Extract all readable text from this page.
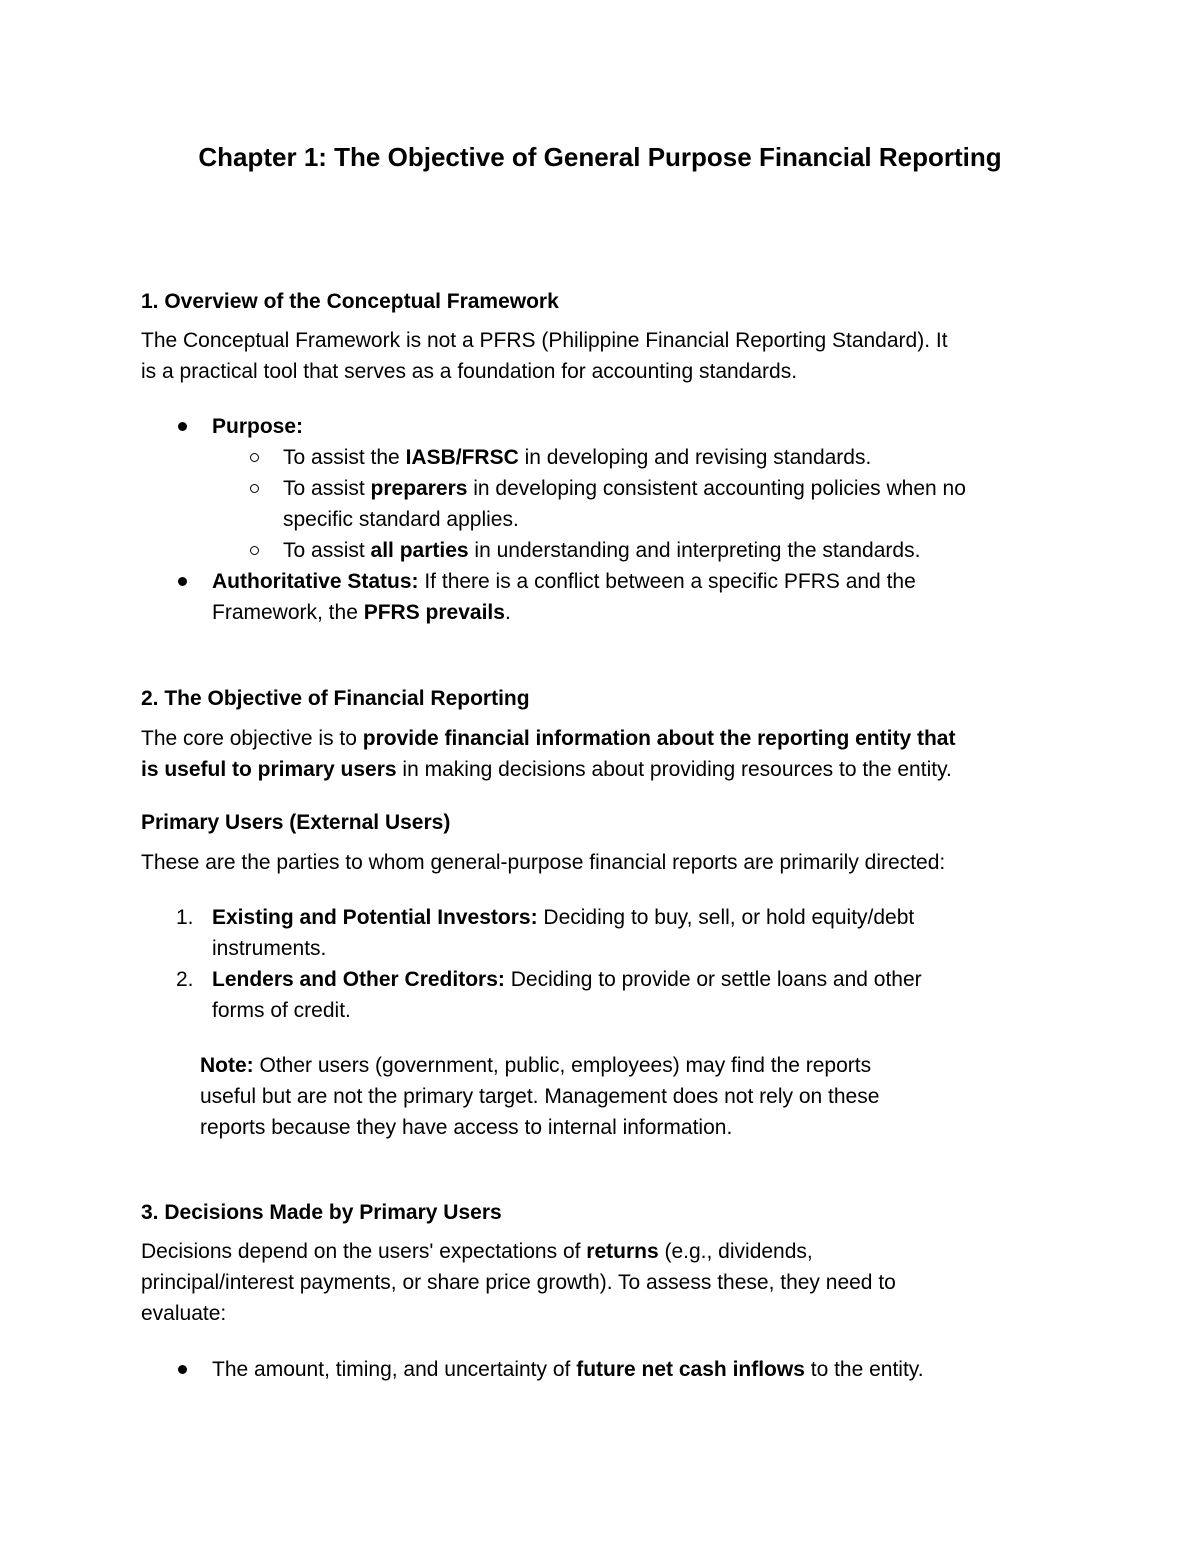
Chapter 1: The Objective of General Purpose Financial Reporting

1. Overview of the Conceptual Framework

The Conceptual Framework is not a PFRS (Philippine Financial Reporting Standard). It

is a practical tool that serves as a foundation for accounting standards.

Purpose:

To assist the IASB/FRSC in developing and revising standards.

To assist preparers in developing consistent accounting policies when no

specific standard applies.

To assist all parties in understanding and interpreting the standards.

Authoritative Status: If there is a conflict between a specific PFRS and the

Framework, the PFRS prevails.

2. The Objective of Financial Reporting

The core objective is to provide financial information about the reporting entity that

is useful to primary users in making decisions about providing resources to the entity.

Primary Users (External Users)

These are the parties to whom general-purpose financial reports are primarily directed:

1. Existing and Potential Investors: Deciding to buy, sell, or hold equity/debt

instruments.

2. Lenders and Other Creditors: Deciding to provide or settle loans and other

forms of credit.

Note: Other users (government, public, employees) may find the reports

useful but are not the primary target. Management does not rely on these

reports because they have access to internal information.

3. Decisions Made by Primary Users

Decisions depend on the users' expectations of returns (e.g., dividends,

principal/interest payments, or share price growth). To assess these, they need to

evaluate:

The amount, timing, and uncertainty of future net cash inflows to the entity.
